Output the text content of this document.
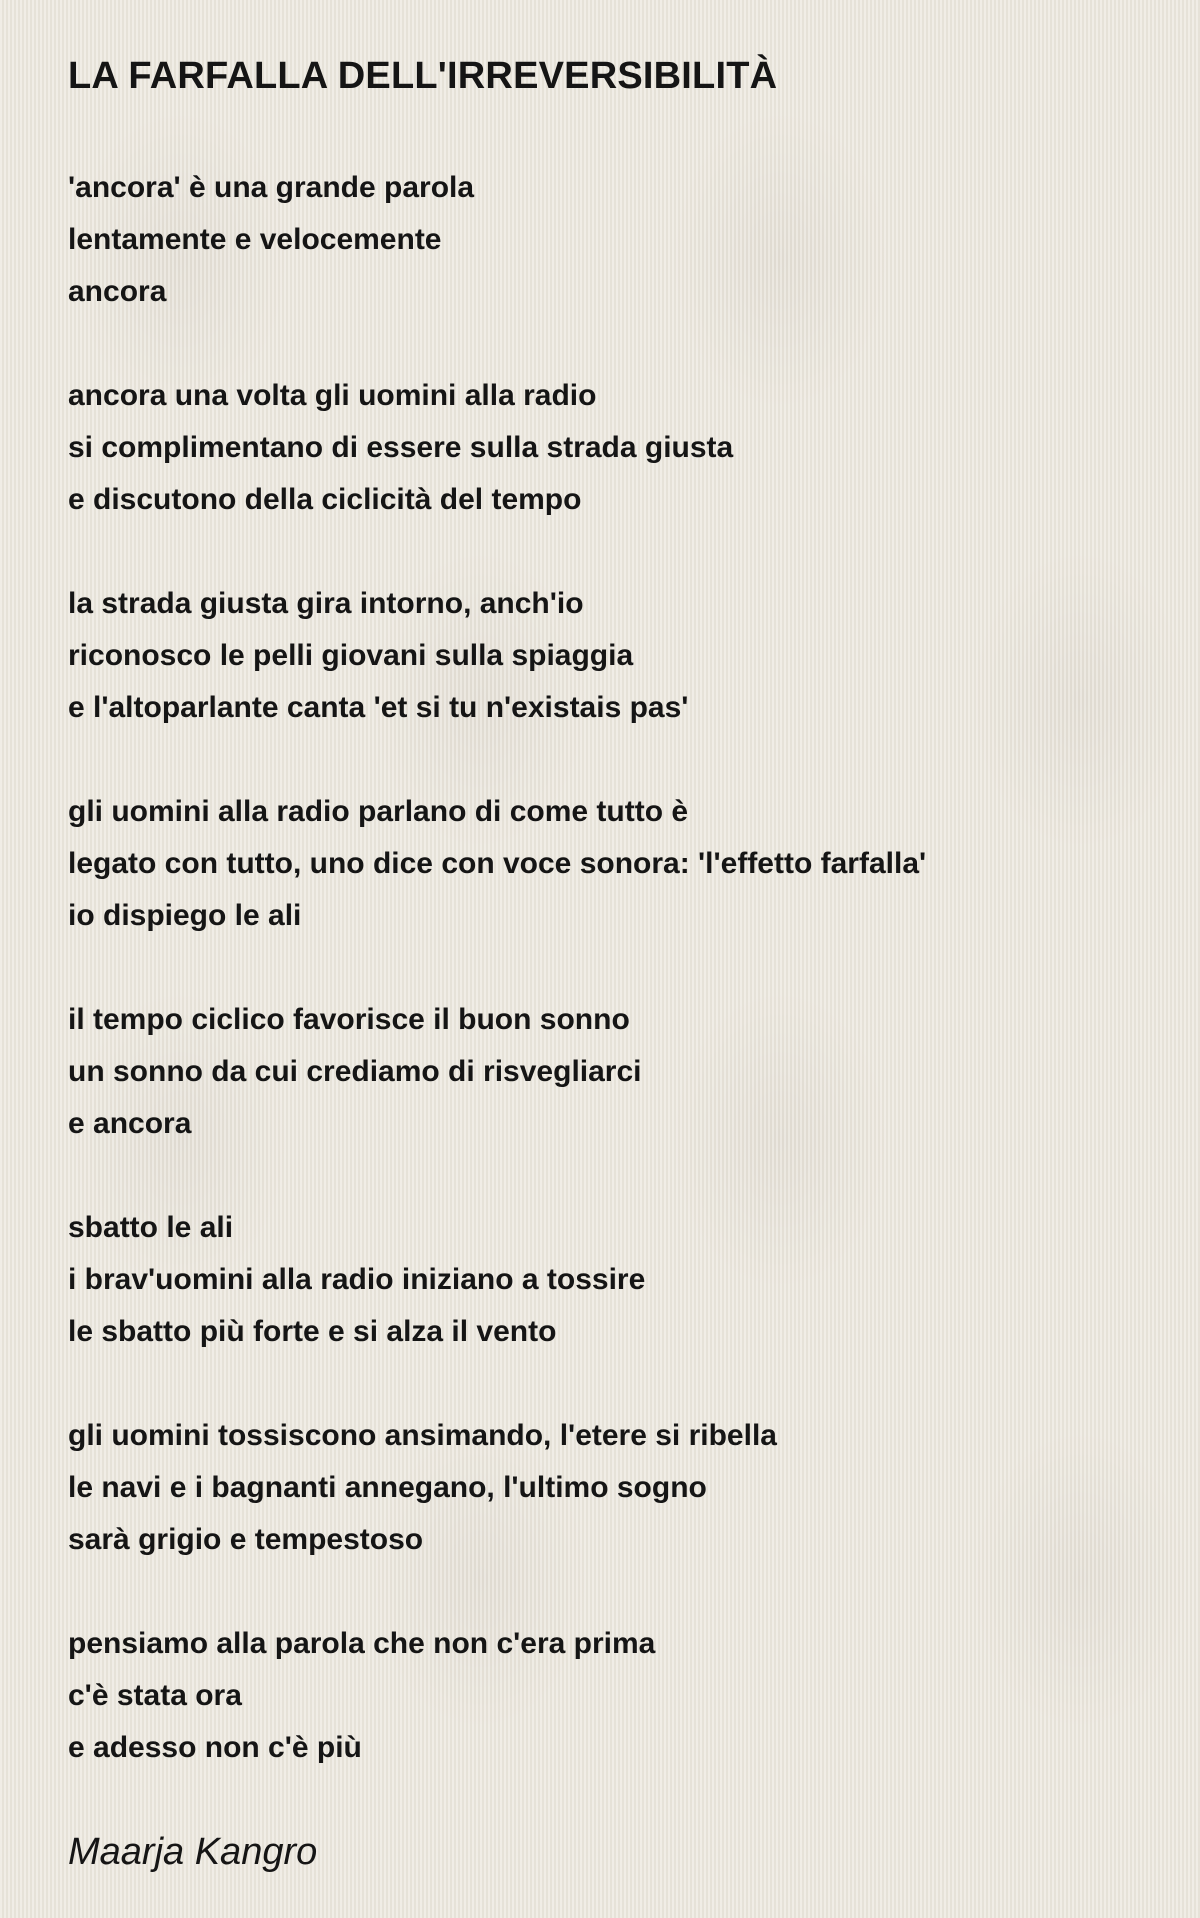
LA FARFALLA DELL'IRREVERSIBILITÀ
'ancora' è una grande parola
lentamente e velocemente
ancora
ancora una volta gli uomini alla radio
si complimentano di essere sulla strada giusta
e discutono della ciclicità del tempo
la strada giusta gira intorno, anch'io
riconosco le pelli giovani sulla spiaggia
e l'altoparlante canta 'et si tu n'existais pas'
gli uomini alla radio parlano di come tutto è
legato con tutto, uno dice con voce sonora: 'l'effetto farfalla'
io dispiego le ali
il tempo ciclico favorisce il buon sonno
un sonno da cui crediamo di risvegliarci
e ancora
sbatto le ali
i brav'uomini alla radio iniziano a tossire
le sbatto più forte e si alza il vento
gli uomini tossiscono ansimando, l'etere si ribella
le navi e i bagnanti annegano, l'ultimo sogno
sarà grigio e tempestoso
pensiamo alla parola che non c'era prima
c'è stata ora
e adesso non c'è più
Maarja Kangro
